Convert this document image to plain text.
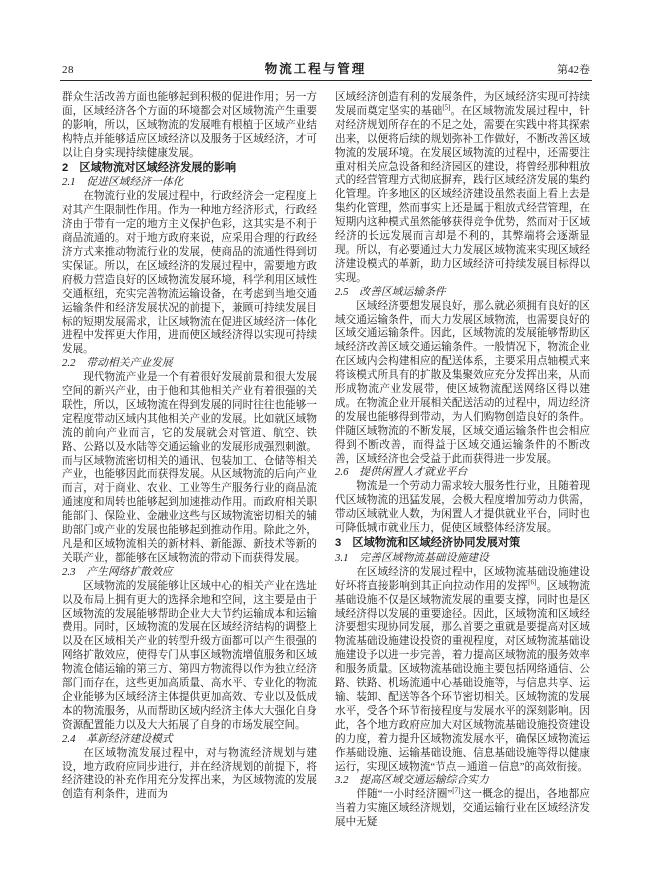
28	物流工程与管理	第42卷

群众生活改善方面也能够起到积极的促进作用；另一方面，区域经济各个方面的环境都会对区域物流产生重要的影响，所以，区域物流的发展唯有根植于区域产业结构特点并能够适应区域经济以及服务于区域经济，才可以让自身实现持续健康发展。

2　区域物流对区域经济发展的影响
2.1　促进区域经济一体化

在物流行业的发展过程中，行政经济会一定程度上对其产生限制性作用。作为一种地方经济形式，行政经济由于带有一定的地方主义保护色彩，这其实是不利于商品流通的。对于地方政府来说，应采用合理的行政经济方式来推动物流行业的发展，使商品的流通性得到切实保证。所以，在区域经济的发展过程中，需要地方政府极力营造良好的区域物流发展环境，科学利用区域性交通枢纽，充实完善物流运输设备，在考虑到当地交通运输条件和经济发展状况的前提下，兼顾可持续发展目标的短期发展需求，让区域物流在促进区域经济一体化进程中发挥更大作用，进而使区域经济得以实现可持续发展。

2.2　带动相关产业发展

现代物流产业是一个有着很好发展前景和很大发展空间的新兴产业，由于他和其他相关产业有着很强的关联性，所以，区域物流在得到发展的同时往往也能够一定程度带动区域内其他相关产业的发展。比如就区域物流的前向产业而言，它的发展就会对管道、航空、铁路、公路以及水陆等交通运输业的发展形成强烈刺激。而与区域物流密切相关的通讯、包装加工、仓储等相关产业，也能够因此而获得发展。从区域物流的后向产业而言，对于商业、农业、工业等生产服务行业的商品流通速度和周转也能够起到加速推动作用。而政府相关职能部门、保险业、金融业这些与区域物流密切相关的辅助部门或产业的发展也能够起到推动作用。除此之外，凡是和区域物流相关的新材料、新能源、新技术等新的关联产业，都能够在区域物流的带动下而获得发展。

2.3　产生网络扩散效应

区域物流的发展能够让区域中心的相关产业在选址以及布局上拥有更大的选择余地和空间，这主要是由于区域物流的发展能够帮助企业大大节约运输成本和运输费用。同时，区域物流的发展在区域经济结构的调整上以及在区域相关产业的转型升级方面都可以产生很强的网络扩散效应，使得专门从事区域物流增值服务和区域物流仓储运输的第三方、第四方物流得以作为独立经济部门而存在，这些更加高质量、高水平、专业化的物流企业能够为区域经济主体提供更加高效、专业以及低成本的物流服务，从而帮助区域内经济主体大大强化自身资源配置能力以及大大拓展了自身的市场发展空间。

2.4　革新经济建设模式

在区域物流发展过程中，对与物流经济规划与建设，地方政府应同步进行，并在经济规划的前提下，将经济建设的补充作用充分发挥出来，为区域物流的发展创造有利条件，进而为

区域经济创造有利的发展条件，为区域经济实现可持续发展而奠定坚实的基础[5]。在区域物流发展过程中，针对经济规划所存在的不足之处，需要在实践中将其探索出来，以便将后续的规划弥补工作做好，不断改善区域物流的发展环境。在发展区域物流的过程中，还需要注重对相关应急设备和经济园区的建设，将曾经那种粗放式的经营管理方式彻底摒弃，践行区域经济发展的集约化管理。许多地区的区域经济建设虽然表面上看上去是集约化管理，然而事实上还是属于粗放式经营管理，在短期内这种模式虽然能够获得竞争优势，然而对于区域经济的长远发展而言却是不利的，其弊端将会逐渐显现。所以，有必要通过大力发展区域物流来实现区域经济建设模式的革新，助力区域经济可持续发展目标得以实现。

2.5　改善区域运输条件

区域经济要想发展良好，那么就必须拥有良好的区域交通运输条件，而大力发展区域物流，也需要良好的区域交通运输条件。因此，区域物流的发展能够帮助区域经济改善区域交通运输条件。一般情况下，物流企业在区域内会构建相应的配送体系，主要采用点轴模式来将该模式所具有的扩散及集聚效应充分发挥出来，从而形成物流产业发展带，使区域物流配送网络区得以建成。在物流企业开展相关配送活动的过程中，周边经济的发展也能够得到带动，为人们购物创造良好的条件。伴随区域物流的不断发展，区域交通运输条件也会相应得到不断改善，而得益于区域交通运输条件的不断改善，区域经济也会受益于此而获得进一步发展。

2.6　提供闲置人才就业平台

物流是一个劳动力需求较大服务性行业，且随着现代区域物流的迅猛发展，会极大程度增加劳动力供需，带动区域就业人数，为闲置人才提供就业平台，同时也可降低城市就业压力，促使区域整体经济发展。

3　区域物流和区域经济协同发展对策
3.1　完善区域物流基础设施建设

在区域经济的发展过程中，区域物流基础设施建设好坏将直接影响到其正向拉动作用的发挥[6]。区域物流基础设施不仅是区域物流发展的重要支撑，同时也是区域经济得以发展的重要途径。因此，区域物流和区域经济要想实现协同发展，那么首要之重就是要提高对区域物流基础设施建设投资的重视程度，对区域物流基础设施建设予以进一步完善，着力提高区域物流的服务效率和服务质量。区域物流基础设施主要包括网络通信、公路、铁路、机场流通中心基础设施等，与信息共享、运输、装卸、配送等各个环节密切相关。区域物流的发展水平，受各个环节衔接程度与发展水平的深刻影响。因此，各个地方政府应加大对区域物流基础设施投资建设的力度，着力提升区域物流发展水平，确保区域物流运作基础设施、运输基础设施、信息基础设施等得以健康运行，实现区域物流“节点－通道－信息”的高效衔接。

3.2　提高区域交通运输综合实力

伴随“一小时经济圈”[7]这一概念的提出，各地都应当着力实施区域经济规划，交通运输行业在区域经济发展中无疑
